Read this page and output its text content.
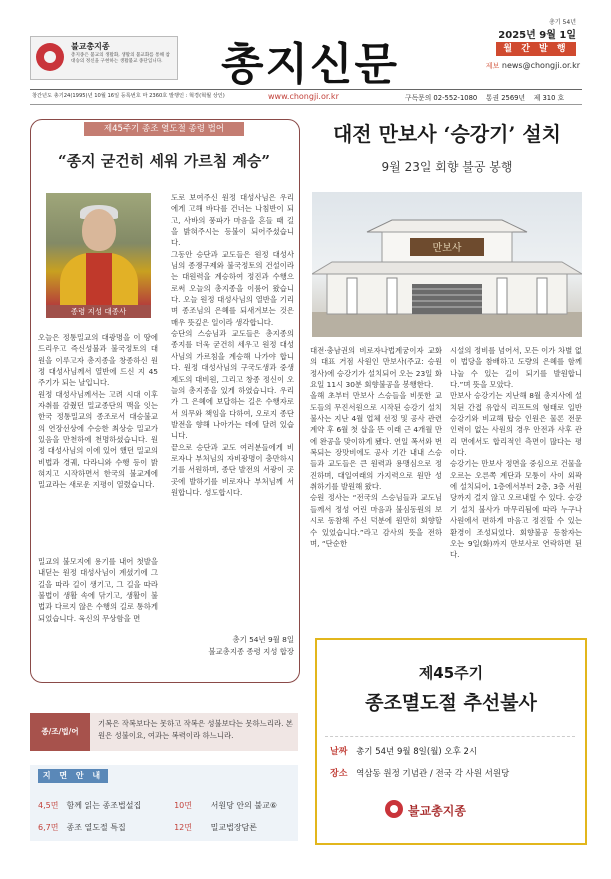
불교총지종
총지종은 불교의 생활화, 생활의 불교화를 통해 참 대승의 정신을 구현하는 생활불교 종단입니다. 총지신문
총기 54년
2025년 9월 1일
월 간 발 행
제보 news@chongji.or.kr
창간년도 총기24(1995)년 10월 16일 등록번호 마 2360호 발행인 : 혁경(혁월 상인)	www.chongji.or.kr	구독문의 02-552-1080 통권 2569년 제 310 호
제45주기 종조 열도절 종령 법어
“종지 굳건히 세워 가르침 계승”
종령 지성 대종사
오늘은 정통밀교의 대광명을 이 땅에 드리우고 즉신성불과 불국정토의 대원을 이루고자 총지종을 창종하신 원정 대성사님께서 열반에 드신 지 45주기가 되는 날입니다.
원정 대성사님께서는 고려 시대 이후 자취를 감췄던 밀교종단의 맥을 잇는 한국 정통밀교의 종조로서 대승불교의 연장선상에 수승한 최상승 밀교가 있음을 만천하에 천명하셨습니다. 원정 대성사님의 이에 있어 했던 밀교의 비법과 경궤, 다라니와 수행 등이 밝혀지고 시작하면서 한국의 불교계에 밀교라는 새로운 지평이 열렸습니다.
밀교의 불모지에 용기를 내어 첫발을 내딛는 원정 대성사님이 계셨기에 그 길을 따라 길이 생기고, 그 길을 따라 불법이 생활 속에 닦기고, 생활이 불법과 다르지 않은 수행의 길로 통하게 되었습니다. 육신의 무상함을 면
도로 보여주신 원정 대성사님은 우리에게 고해 바다를 건너는 나침반이 되고, 사바의 풍파가 마음을 흔들 때 길을 밝혀주시는 등불이 되어주셨습니다.
그동안 승단과 교도들은 원정 대성사님의 종쟁구제와 불국정토의 건설이라는 대원력을 계승하여 정진과 수행으로써 오늘의 총지종을 이룸어 왔습니다. 오늘 원정 대성사님의 열반을 기리며 종조님의 은혜를 되새겨보는 것은 매우 뜻깊은 일이라 생각합니다.
승단의 스승님과 교도들은 총지종의 종지를 더욱 굳건히 세우고 원정 대성사님의 가르침을 계승해 나가야 합니다. 원정 대성사님의 구국도생과 중생제도의 대비원, 그리고 창종 정신이 오늘의 총지종을 있게 하였습니다. 우리가 그 은혜에 보답하는 길은 수행자로서 의무와 책임을 다하여, 오로지 종단 발전을 향해 나아가는 데에 달려 있습니다.
끝으로 승단과 교도 여러분들에게 비로자나 부처님의 자비광명이 충만하시기를 서원하며, 종단 발전의 서광이 곳곳에 발하기를 비로자나 부처님께 서원합니다. 성도합시다.
총기 54년 9월 8일
불교총지종 종령 지성 합장
종/조/법/어
기복은 작복보다는 못하고 작복은 성불보다는 못하느리라. 본원은 성불이요, 여과는 복력이라 하느니라.
지 면 안 내
4,5면 함께 읽는 종조법설집	10면 서원당 안의 불교⑥
6,7면 종조 열도절 특집	12면 밀교법장담론
대전 만보사 ‘승강기’ 설치
9월 23일 회향 불공 봉행
만보사
대전·충남권의 비로자나법계궁이자 교화의 대표 거점 사원인 만보사(주교: 승원 정사)에 승강기가 설치되어 오는 23일 화요일 11시 30분 회향불공을 봉행한다.
올해 초부터 만보사 스승들을 비롯한 교도들의 무진서원으로 시작된 승강기 설치 불사는 지난 4월 업체 선정 및 공사 관련 계약 후 6월 첫 삽을 뜬 이래 근 4개월 만에 완공을 맞이하게 됐다. 연일 폭서와 번복되는 장맛비에도 공사 기간 내내 스승들과 교도들은 큰 원력과 용맹심으로 정진하며, 대일여래의 가지력으로 원만 성취하기를 발원해 왔다.
승원 정사는 “전국의 스승님들과 교도님들께서 정성 어린 마음과 불심동원의 보시로 동참해 주신 덕분에 원만히 회향할 수 있었습니다.”라고 감사의 뜻을 전하며, “단순한
시설의 정비를 넘어서, 모든 이가 차별 없이 법당을 참배하고 도량의 은혜를 함께 나눌 수 있는 길이 되기를 발원합니다.”며 뜻을 모았다.
만보사 승강기는 지난해 8월 총지사에 설치된 간접 유압식 리프트의 형태로 일반 승강기와 비교해 탑승 인원은 물론 전문 인력이 없는 사원의 경우 안전과 사후 관리 면에서도 합리적인 측면이 많다는 평이다.
승강기는 만보사 정면을 중심으로 건물을 오르는 오른쪽 계단과 모퉁이 사이 외곽에 설치되어, 1층에서부터 2층, 3층 서원당까지 걸지 않고 오르내릴 수 있다. 승강기 설치 불사가 마무리됨에 따라 누구나 사원에서 편하게 마음고 정진할 수 있는 환경이 조성되었다. 회향불공 등참자는 오는 9일(화)까지 만보사로 연락하면 된다.
제45주기
종조멸도절 추선불사
날짜 총기 54년 9월 8일(월) 오후 2시
장소 역삼동 원정 기념관 / 전국 각 사원 서원당
불교총지종
